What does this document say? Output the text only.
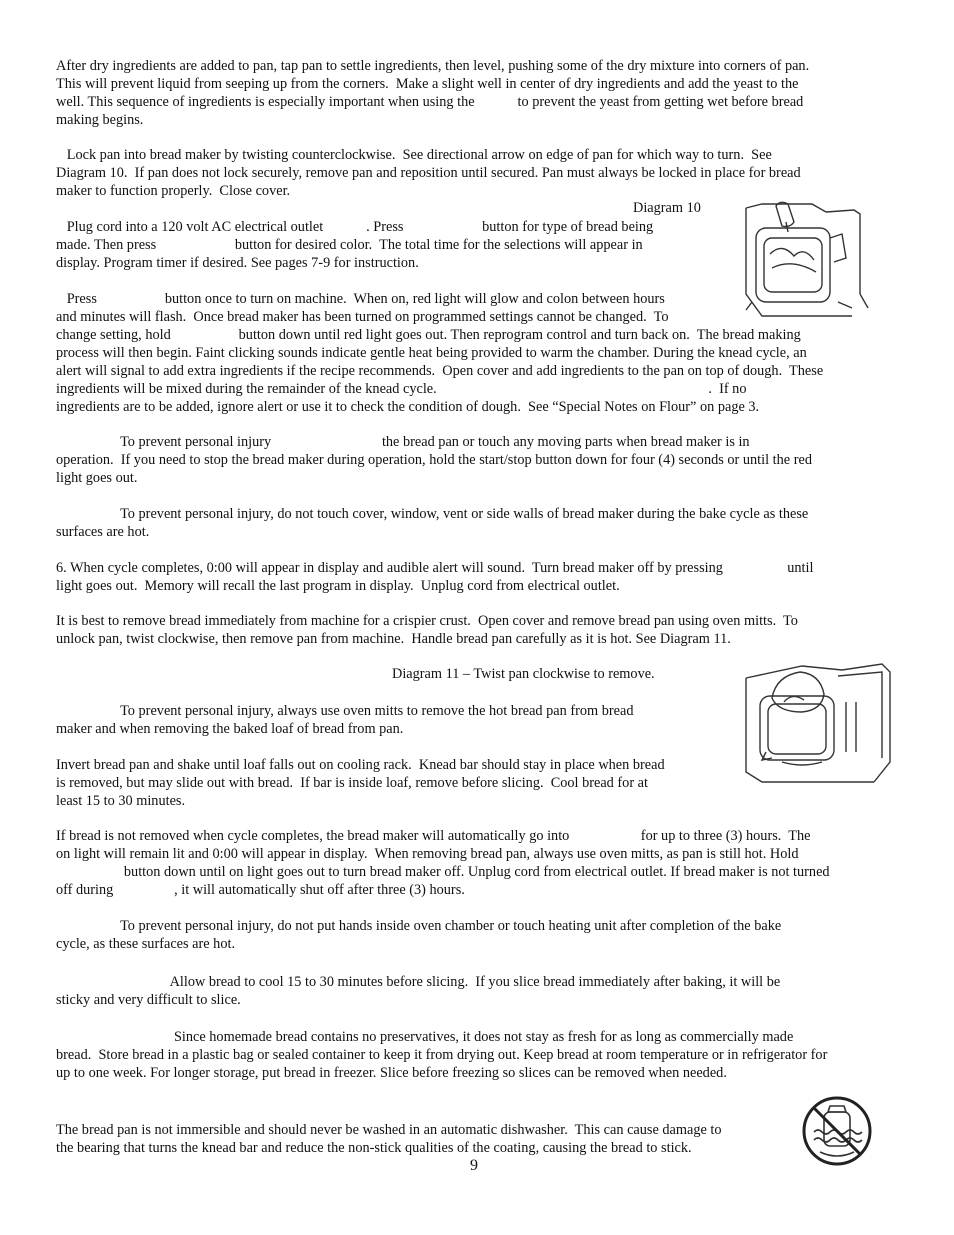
After dry ingredients are added to pan, tap pan to settle ingredients, then level, pushing some of the dry mixture into corners of pan.
This will prevent liquid from seeping up from the corners.  Make a slight well in center of dry ingredients and add the yeast to the
well. This sequence of ingredients is especially important when using the            to prevent the yeast from getting wet before bread
making begins.
Lock pan into bread maker by twisting counterclockwise.  See directional arrow on edge of pan for which way to turn.  See
Diagram 10.  If pan does not lock securely, remove pan and reposition until secured. Pan must always be locked in place for bread
maker to function properly.  Close cover.
Plug cord into a 120 volt AC electrical outlet            . Press                      button for type of bread being
made. Then press                      button for desired color.  The total time for the selections will appear in
display. Program timer if desired. See pages 7-9 for instruction.
Press                   button once to turn on machine.  When on, red light will glow and colon between hours
and minutes will flash.  Once bread maker has been turned on programmed settings cannot be changed.  To
change setting, hold                   button down until red light goes out. Then reprogram control and turn back on.  The bread making
process will then begin. Faint clicking sounds indicate gentle heat being provided to warm the chamber. During the knead cycle, an
alert will signal to add extra ingredients if the recipe recommends.  Open cover and add ingredients to the pan on top of dough.  These
ingredients will be mixed during the remainder of the knead cycle.                                                                            .  If no
ingredients are to be added, ignore alert or use it to check the condition of dough.  See “Special Notes on Flour” on page 3.
To prevent personal injury                               the bread pan or touch any moving parts when bread maker is in
operation.  If you need to stop the bread maker during operation, hold the start/stop button down for four (4) seconds or until the red
light goes out.
To prevent personal injury, do not touch cover, window, vent or side walls of bread maker during the bake cycle as these
surfaces are hot.
6. When cycle completes, 0:00 will appear in display and audible alert will sound.  Turn bread maker off by pressing                  until
light goes out.  Memory will recall the last program in display.  Unplug cord from electrical outlet.
It is best to remove bread immediately from machine for a crispier crust.  Open cover and remove bread pan using oven mitts.  To
unlock pan, twist clockwise, then remove pan from machine.  Handle bread pan carefully as it is hot. See Diagram 11.
To prevent personal injury, always use oven mitts to remove the hot bread pan from bread
maker and when removing the baked loaf of bread from pan.
Invert bread pan and shake until loaf falls out on cooling rack.  Knead bar should stay in place when bread
is removed, but may slide out with bread.  If bar is inside loaf, remove before slicing.  Cool bread for at
least 15 to 30 minutes.
If bread is not removed when cycle completes, the bread maker will automatically go into                    for up to three (3) hours.  The
on light will remain lit and 0:00 will appear in display.  When removing bread pan, always use oven mitts, as pan is still hot. Hold
button down until on light goes out to turn bread maker off. Unplug cord from electrical outlet. If bread maker is not turned
off during                 , it will automatically shut off after three (3) hours.
To prevent personal injury, do not put hands inside oven chamber or touch heating unit after completion of the bake
cycle, as these surfaces are hot.
Allow bread to cool 15 to 30 minutes before slicing.  If you slice bread immediately after baking, it will be
sticky and very difficult to slice.
Since homemade bread contains no preservatives, it does not stay as fresh for as long as commercially made
bread.  Store bread in a plastic bag or sealed container to keep it from drying out. Keep bread at room temperature or in refrigerator for
up to one week. For longer storage, put bread in freezer. Slice before freezing so slices can be removed when needed.
The bread pan is not immersible and should never be washed in an automatic dishwasher.  This can cause damage to
the bearing that turns the knead bar and reduce the non-stick qualities of the coating, causing the bread to stick.
Diagram 10
Diagram 11 – Twist pan clockwise to remove.
9
